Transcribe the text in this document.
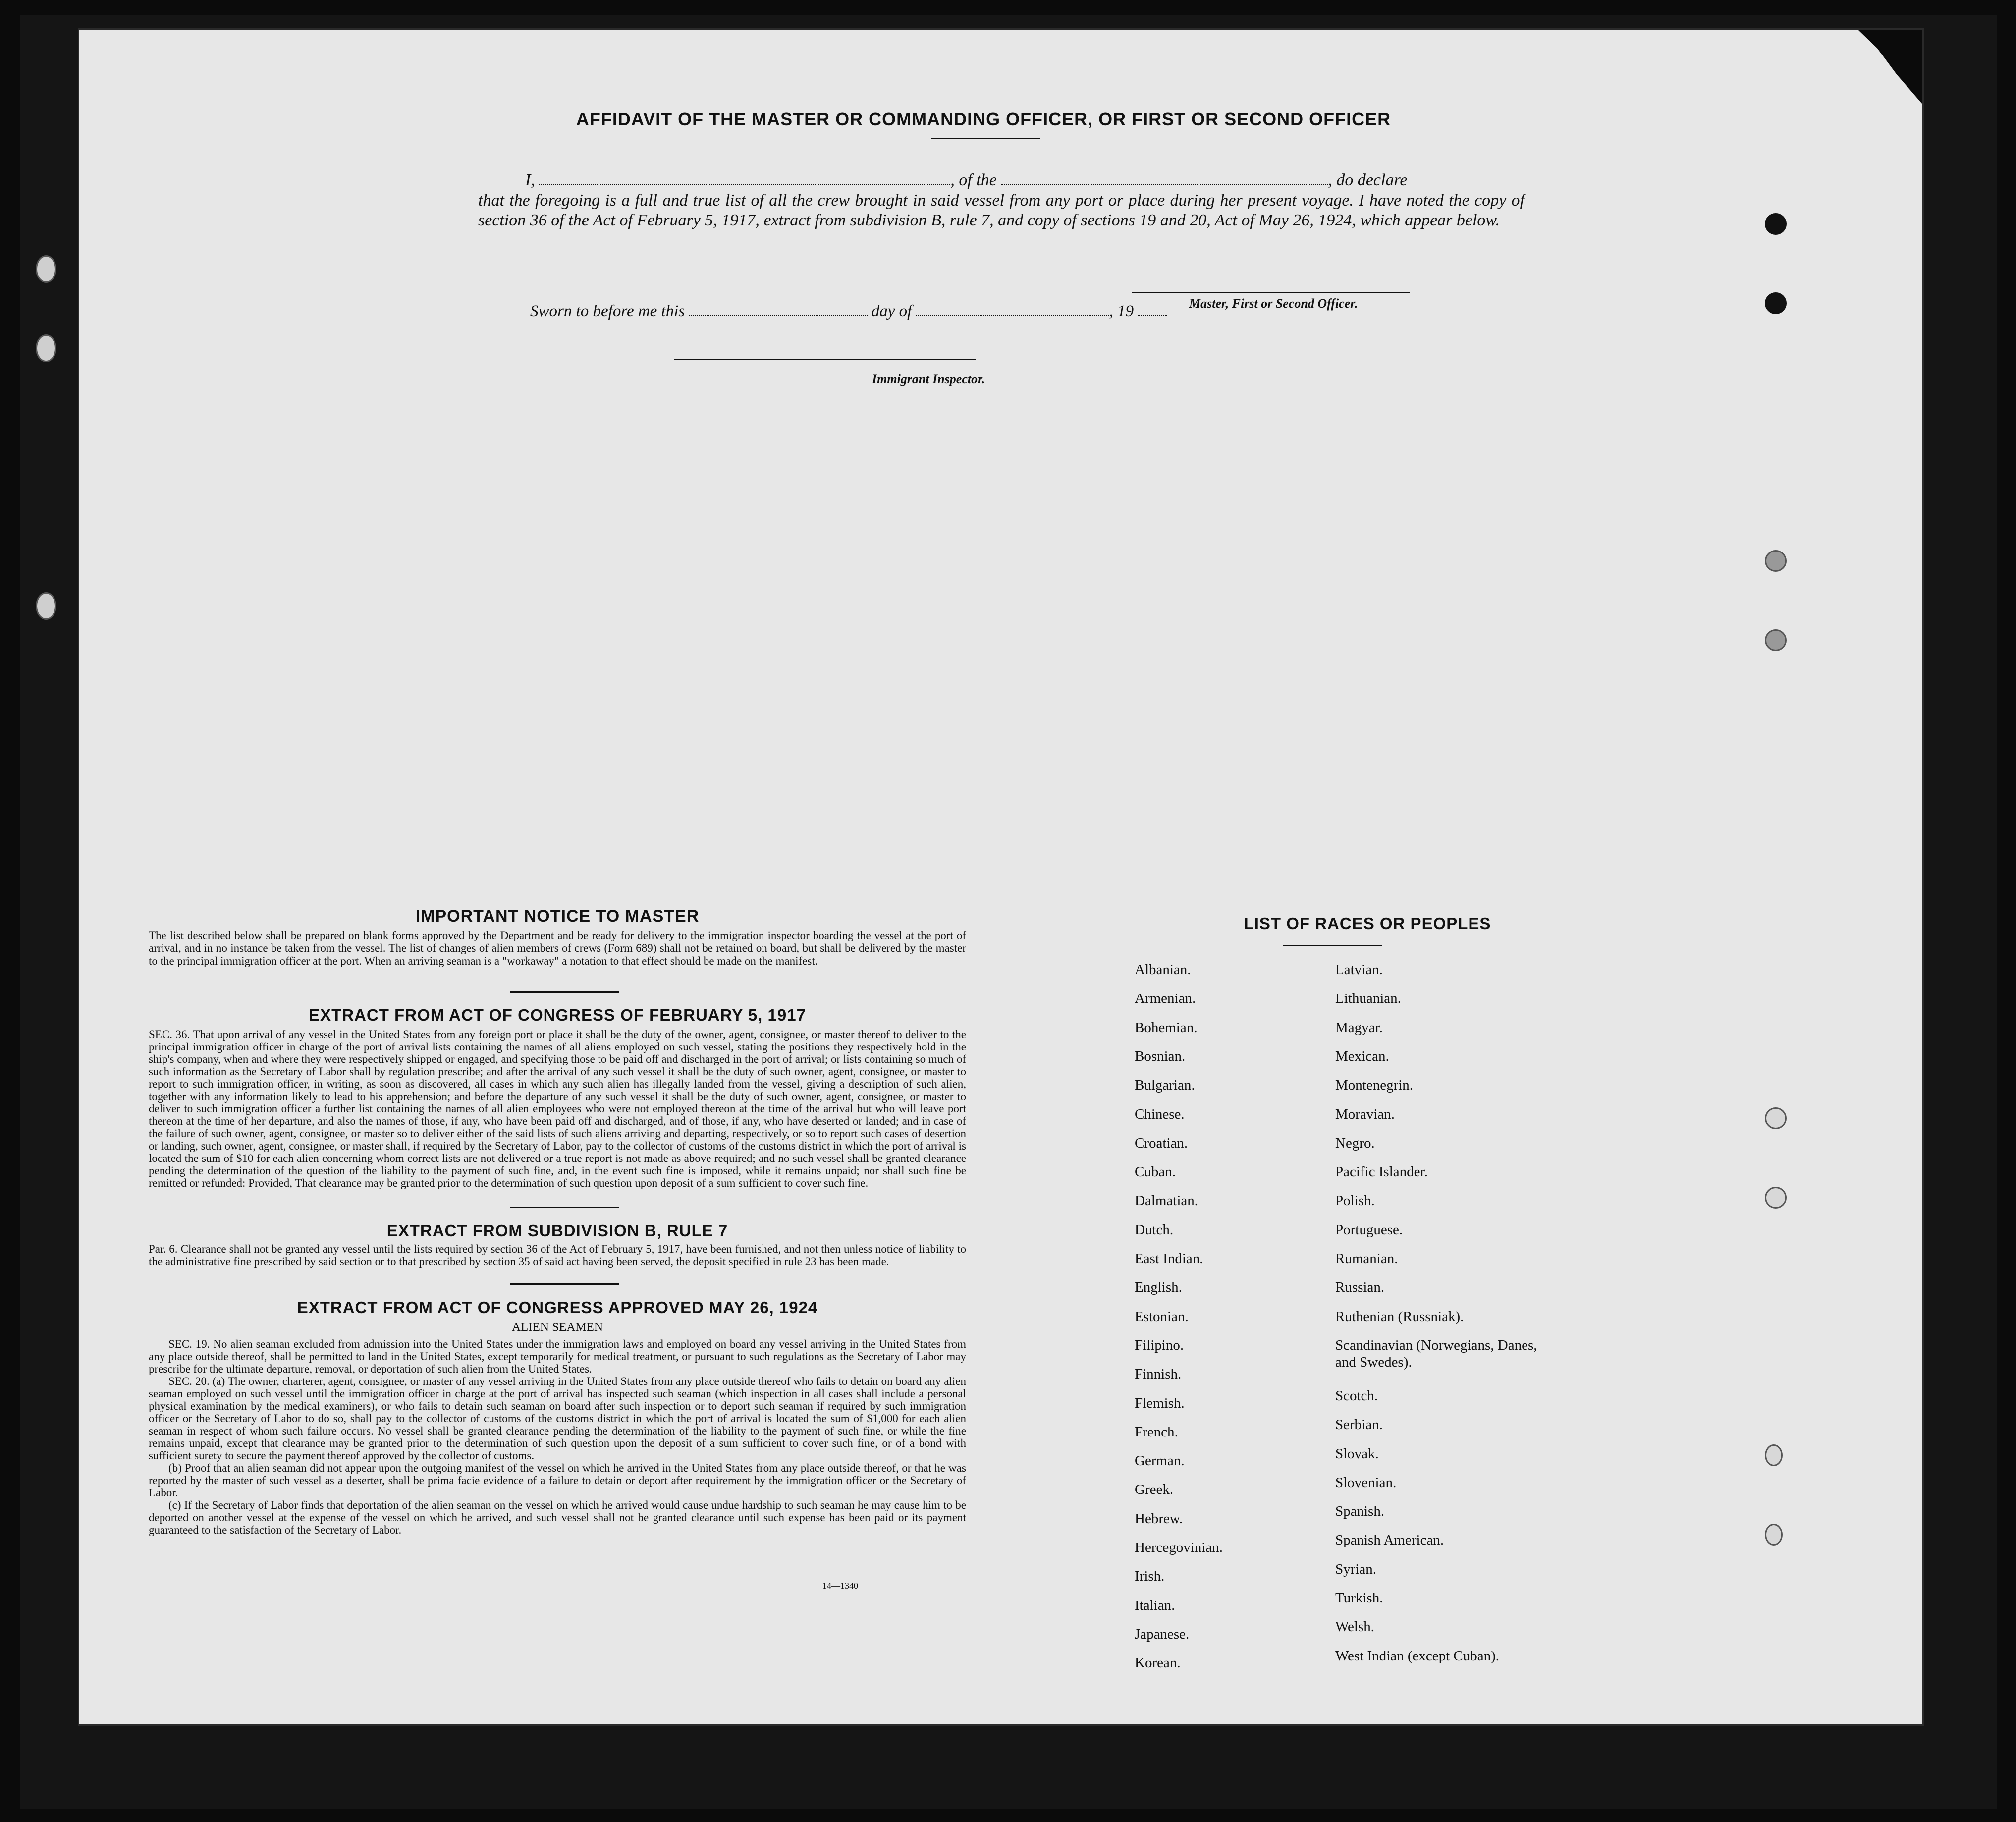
AFFIDAVIT OF THE MASTER OR COMMANDING OFFICER, OR FIRST OR SECOND OFFICER
I,	, of the	, do declare
that the foregoing is a full and true list of all the crew brought in said vessel from any port or place during her present voyage. I have noted the copy of section 36 of the Act of February 5, 1917, extract from subdivision B, rule 7, and copy of sections 19 and 20, Act of May 26, 1924, which appear below.
Master, First or Second Officer.
Sworn to before me this	day of	, 19
Immigrant Inspector.
IMPORTANT NOTICE TO MASTER
The list described below shall be prepared on blank forms approved by the Department and be ready for delivery to the immigration inspector boarding the vessel at the port of arrival, and in no instance be taken from the vessel. The list of changes of alien members of crews (Form 689) shall not be retained on board, but shall be delivered by the master to the principal immigration officer at the port. When an arriving seaman is a "workaway" a notation to that effect should be made on the manifest.
EXTRACT FROM ACT OF CONGRESS OF FEBRUARY 5, 1917
SEC. 36. That upon arrival of any vessel in the United States from any foreign port or place it shall be the duty of the owner, agent, consignee, or master thereof to deliver to the principal immigration officer in charge of the port of arrival lists containing the names of all aliens employed on such vessel, stating the positions they respectively hold in the ship's company, when and where they were respectively shipped or engaged, and specifying those to be paid off and discharged in the port of arrival; or lists containing so much of such information as the Secretary of Labor shall by regulation prescribe; and after the arrival of any such vessel it shall be the duty of such owner, agent, consignee, or master to report to such immigration officer, in writing, as soon as discovered, all cases in which any such alien has illegally landed from the vessel, giving a description of such alien, together with any information likely to lead to his apprehension; and before the departure of any such vessel it shall be the duty of such owner, agent, consignee, or master to deliver to such immigration officer a further list containing the names of all alien employees who were not employed thereon at the time of the arrival but who will leave port thereon at the time of her departure, and also the names of those, if any, who have been paid off and discharged, and of those, if any, who have deserted or landed; and in case of the failure of such owner, agent, consignee, or master so to deliver either of the said lists of such aliens arriving and departing, respectively, or so to report such cases of desertion or landing, such owner, agent, consignee, or master shall, if required by the Secretary of Labor, pay to the collector of customs of the customs district in which the port of arrival is located the sum of $10 for each alien concerning whom correct lists are not delivered or a true report is not made as above required; and no such vessel shall be granted clearance pending the determination of the question of the liability to the payment of such fine, and, in the event such fine is imposed, while it remains unpaid; nor shall such fine be remitted or refunded: Provided, That clearance may be granted prior to the determination of such question upon deposit of a sum sufficient to cover such fine.
EXTRACT FROM SUBDIVISION B, RULE 7
Par. 6. Clearance shall not be granted any vessel until the lists required by section 36 of the Act of February 5, 1917, have been furnished, and not then unless notice of liability to the administrative fine prescribed by said section or to that prescribed by section 35 of said act having been served, the deposit specified in rule 23 has been made.
EXTRACT FROM ACT OF CONGRESS APPROVED MAY 26, 1924
ALIEN SEAMEN
SEC. 19. No alien seaman excluded from admission into the United States under the immigration laws and employed on board any vessel arriving in the United States from any place outside thereof, shall be permitted to land in the United States, except temporarily for medical treatment, or pursuant to such regulations as the Secretary of Labor may prescribe for the ultimate departure, removal, or deportation of such alien from the United States.
SEC. 20. (a) The owner, charterer, agent, consignee, or master of any vessel arriving in the United States from any place outside thereof who fails to detain on board any alien seaman employed on such vessel until the immigration officer in charge at the port of arrival has inspected such seaman (which inspection in all cases shall include a personal physical examination by the medical examiners), or who fails to detain such seaman on board after such inspection or to deport such seaman if required by such immigration officer or the Secretary of Labor to do so, shall pay to the collector of customs of the customs district in which the port of arrival is located the sum of $1,000 for each alien seaman in respect of whom such failure occurs. No vessel shall be granted clearance pending the determination of the liability to the payment of such fine, or while the fine remains unpaid, except that clearance may be granted prior to the determination of such question upon the deposit of a sum sufficient to cover such fine, or of a bond with sufficient surety to secure the payment thereof approved by the collector of customs.
(b) Proof that an alien seaman did not appear upon the outgoing manifest of the vessel on which he arrived in the United States from any place outside thereof, or that he was reported by the master of such vessel as a deserter, shall be prima facie evidence of a failure to detain or deport after requirement by the immigration officer or the Secretary of Labor.
(c) If the Secretary of Labor finds that deportation of the alien seaman on the vessel on which he arrived would cause undue hardship to such seaman he may cause him to be deported on another vessel at the expense of the vessel on which he arrived, and such vessel shall not be granted clearance until such expense has been paid or its payment guaranteed to the satisfaction of the Secretary of Labor.
14—1340
LIST OF RACES OR PEOPLES
Albanian.
Armenian.
Bohemian.
Bosnian.
Bulgarian.
Chinese.
Croatian.
Cuban.
Dalmatian.
Dutch.
East Indian.
English.
Estonian.
Filipino.
Finnish.
Flemish.
French.
German.
Greek.
Hebrew.
Hercegovinian.
Irish.
Italian.
Japanese.
Korean.
Latvian.
Lithuanian.
Magyar.
Mexican.
Montenegrin.
Moravian.
Negro.
Pacific Islander.
Polish.
Portuguese.
Rumanian.
Russian.
Ruthenian (Russniak).
Scandinavian (Norwegians, Danes, and Swedes).
Scotch.
Serbian.
Slovak.
Slovenian.
Spanish.
Spanish American.
Syrian.
Turkish.
Welsh.
West Indian (except Cuban).
